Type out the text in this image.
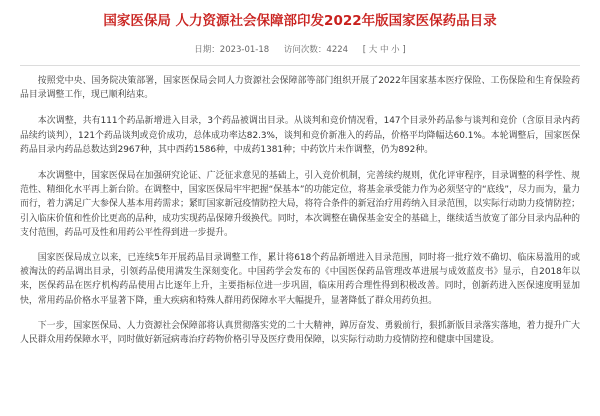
国家医保局 人力资源社会保障部印发2022年版国家医保药品目录
日期：2023-01-18 访问次数：4224 [ 大 中 小 ]

按照党中央、国务院决策部署，国家医保局会同人力资源社会保障部等部门组织开展了2022年国家基本医疗保险、工伤保险和生育保险药品目录调整工作，现已顺利结束。

本次调整，共有111个药品新增进入目录，3个药品被调出目录。从谈判和竞价情况看，147个目录外药品参与谈判和竞价（含原目录内药品续约谈判），121个药品谈判或竞价成功，总体成功率达82.3%，谈判和竞价新准入的药品，价格平均降幅达60.1%。本轮调整后，国家医保药品目录内药品总数达到2967种，其中西药1586种，中成药1381种；中药饮片未作调整，仍为892种。

本次调整中，国家医保局在加强研究论证、广泛征求意见的基础上，引入竞价机制，完善续约规则，优化评审程序，目录调整的科学性、规范性、精细化水平再上新台阶。在调整中，国家医保局牢牢把握“保基本”的功能定位，将基金承受能力作为必须坚守的“底线”，尽力而为，量力而行，着力满足广大参保人基本用药需求；紧盯国家新冠疫情防控大局，将符合条件的新冠治疗用药纳入目录范围，以实际行动助力疫情防控；引入临床价值和性价比更高的品种，成功实现药品保障升级换代。同时，本次调整在确保基金安全的基础上，继续适当放宽了部分目录内品种的支付范围，药品可及性和用药公平性得到进一步提升。

国家医保局成立以来，已连续5年开展药品目录调整工作，累计将618个药品新增进入目录范围，同时将一批疗效不确切、临床易滥用的或被淘汰的药品调出目录，引领药品使用满发生深刻变化。中国药学会发布的《中国医保药品管理改革进展与成效蓝皮书》显示，自2018年以来，医保药品在医疗机构药品使用占比逐年上升，主要指标位进一步巩固，临床用药合理性得到积极改善。同时，创新药进入医保速度明显加快，常用药品价格水平显著下降，重大疾病和特殊人群用药保障水平大幅提升，显著降低了群众用药负担。

下一步，国家医保局、人力资源社会保障部将认真贯彻落实党的二十大精神，踔厉奋发、勇毅前行，狠抓新版目录落实落地，着力提升广大人民群众用药保障水平，同时做好新冠病毒治疗药物价格引导及医疗费用保障，以实际行动助力疫情防控和健康中国建设。
